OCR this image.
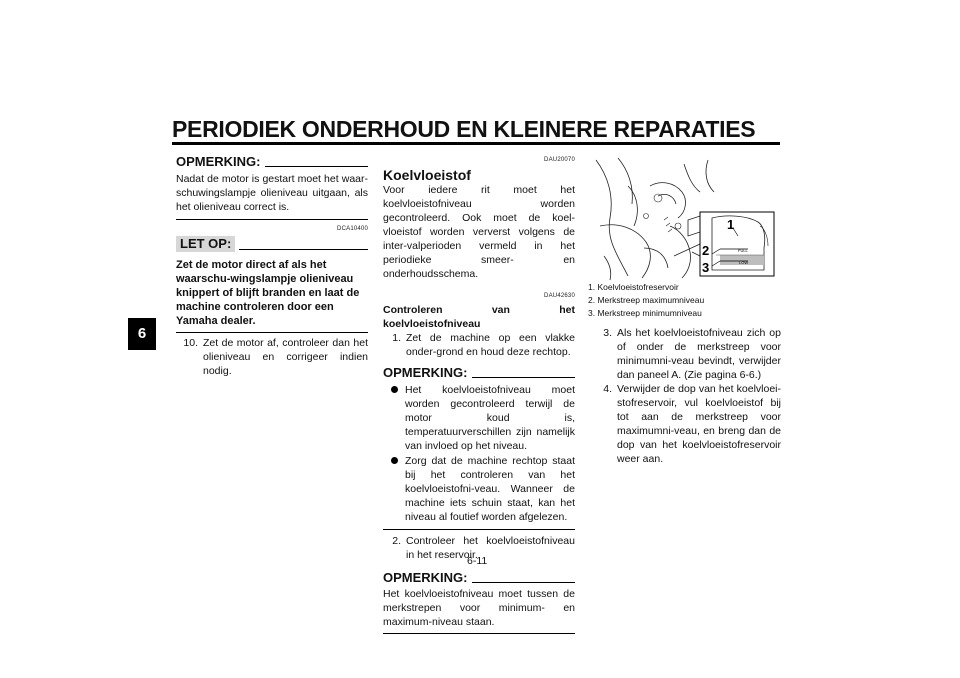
PERIODIEK ONDERHOUD EN KLEINERE REPARATIES
6
OPMERKING:
Nadat de motor is gestart moet het waar-schuwingslampje olieniveau uitgaan, als het olieniveau correct is.
DCA10400
LET OP:
Zet de motor direct af als het waarschu-wingslampje olieniveau knippert of blijft branden en laat de machine controleren door een Yamaha dealer.
10. Zet de motor af, controleer dan het olieniveau en corrigeer indien nodig.
DAU20070
Koelvloeistof
Voor iedere rit moet het koelvloeistofniveau worden gecontroleerd. Ook moet de koel-vloeistof worden ververst volgens de inter-valperioden vermeld in het periodieke smeer- en onderhoudsschema.
DAU42630
Controleren van het koelvloeistofniveau
1. Zet de machine op een vlakke onder-grond en houd deze rechtop.
OPMERKING:
Het koelvloeistofniveau moet worden gecontroleerd terwijl de motor koud is, temperatuurverschillen zijn namelijk van invloed op het niveau.
Zorg dat de machine rechtop staat bij het controleren van het koelvloeistofni-veau. Wanneer de machine iets schuin staat, kan het niveau al foutief worden afgelezen.
2. Controleer het koelvloeistofniveau in het reservoir.
OPMERKING:
Het koelvloeistofniveau moet tussen de merkstrepen voor minimum- en maximum-niveau staan.
1
2
3
FULL
LOW
1. Koelvloeistofreservoir
2. Merkstreep maximumniveau
3. Merkstreep minimumniveau
3. Als het koelvloeistofniveau zich op of onder de merkstreep voor minimumni-veau bevindt, verwijder dan paneel A. (Zie pagina 6-6.)
4. Verwijder de dop van het koelvloei-stofreservoir, vul koelvloeistof bij tot aan de merkstreep voor maximumni-veau, en breng dan de dop van het koelvloeistofreservoir weer aan.
6-11
